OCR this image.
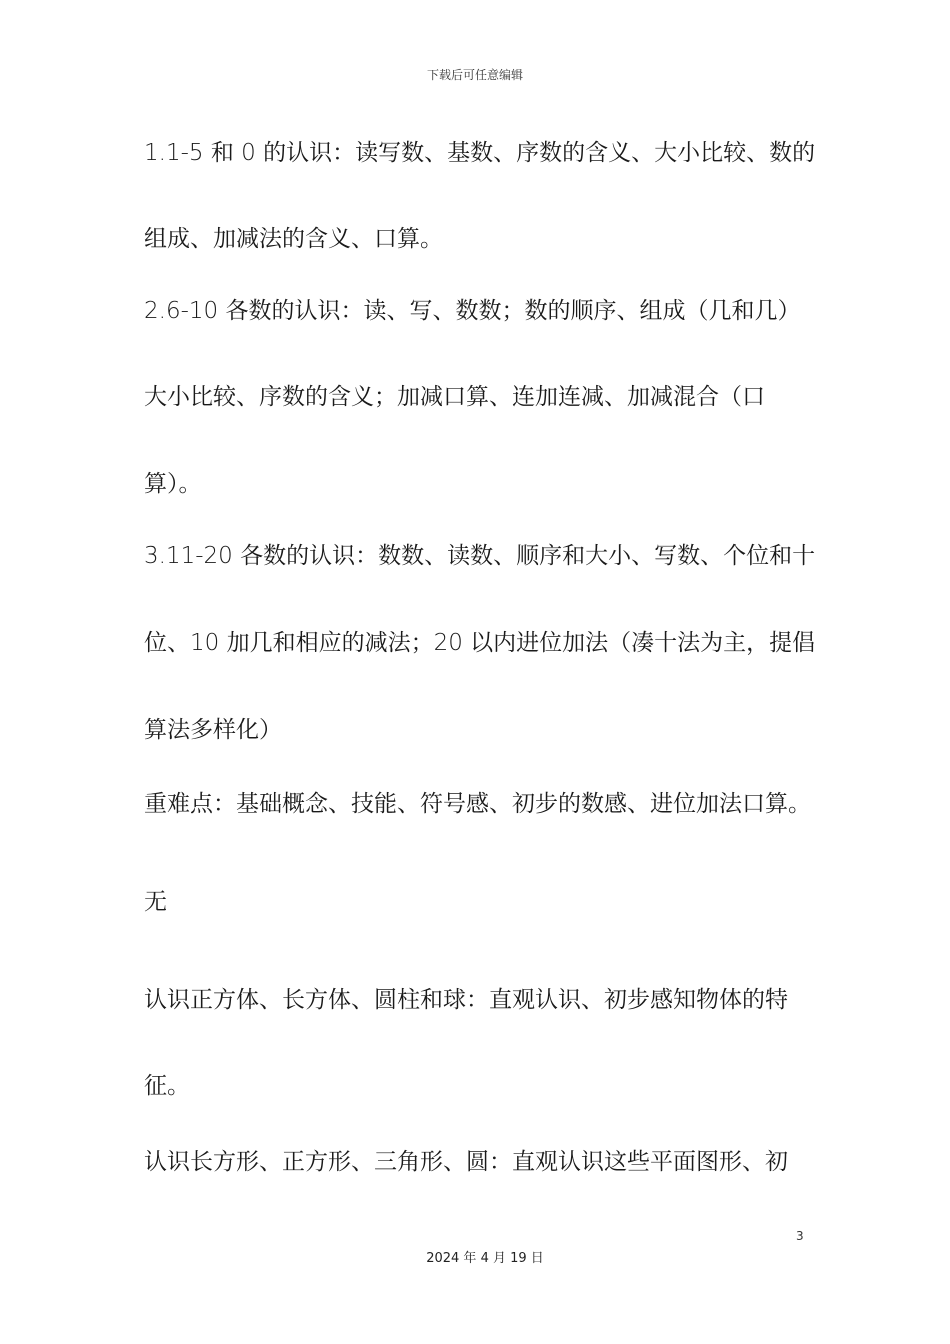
下载后可任意编辑
1.1-5 和 0 的认识：读写数、基数、序数的含义、大小比较、数的
组成、加减法的含义、口算。
2.6-10 各数的认识：读、写、数数；数的顺序、组成（几和几）
大小比较、序数的含义；加减口算、连加连减、加减混合（口
算）。
3.11-20 各数的认识：数数、读数、顺序和大小、写数、个位和十
位、10 加几和相应的减法；20 以内进位加法（凑十法为主，提倡
算法多样化）
重难点：基础概念、技能、符号感、初步的数感、进位加法口算。
无
认识正方体、长方体、圆柱和球：直观认识、初步感知物体的特
征。
认识长方形、正方形、三角形、圆：直观认识这些平面图形、初
3
2024 年 4 月 19 日
